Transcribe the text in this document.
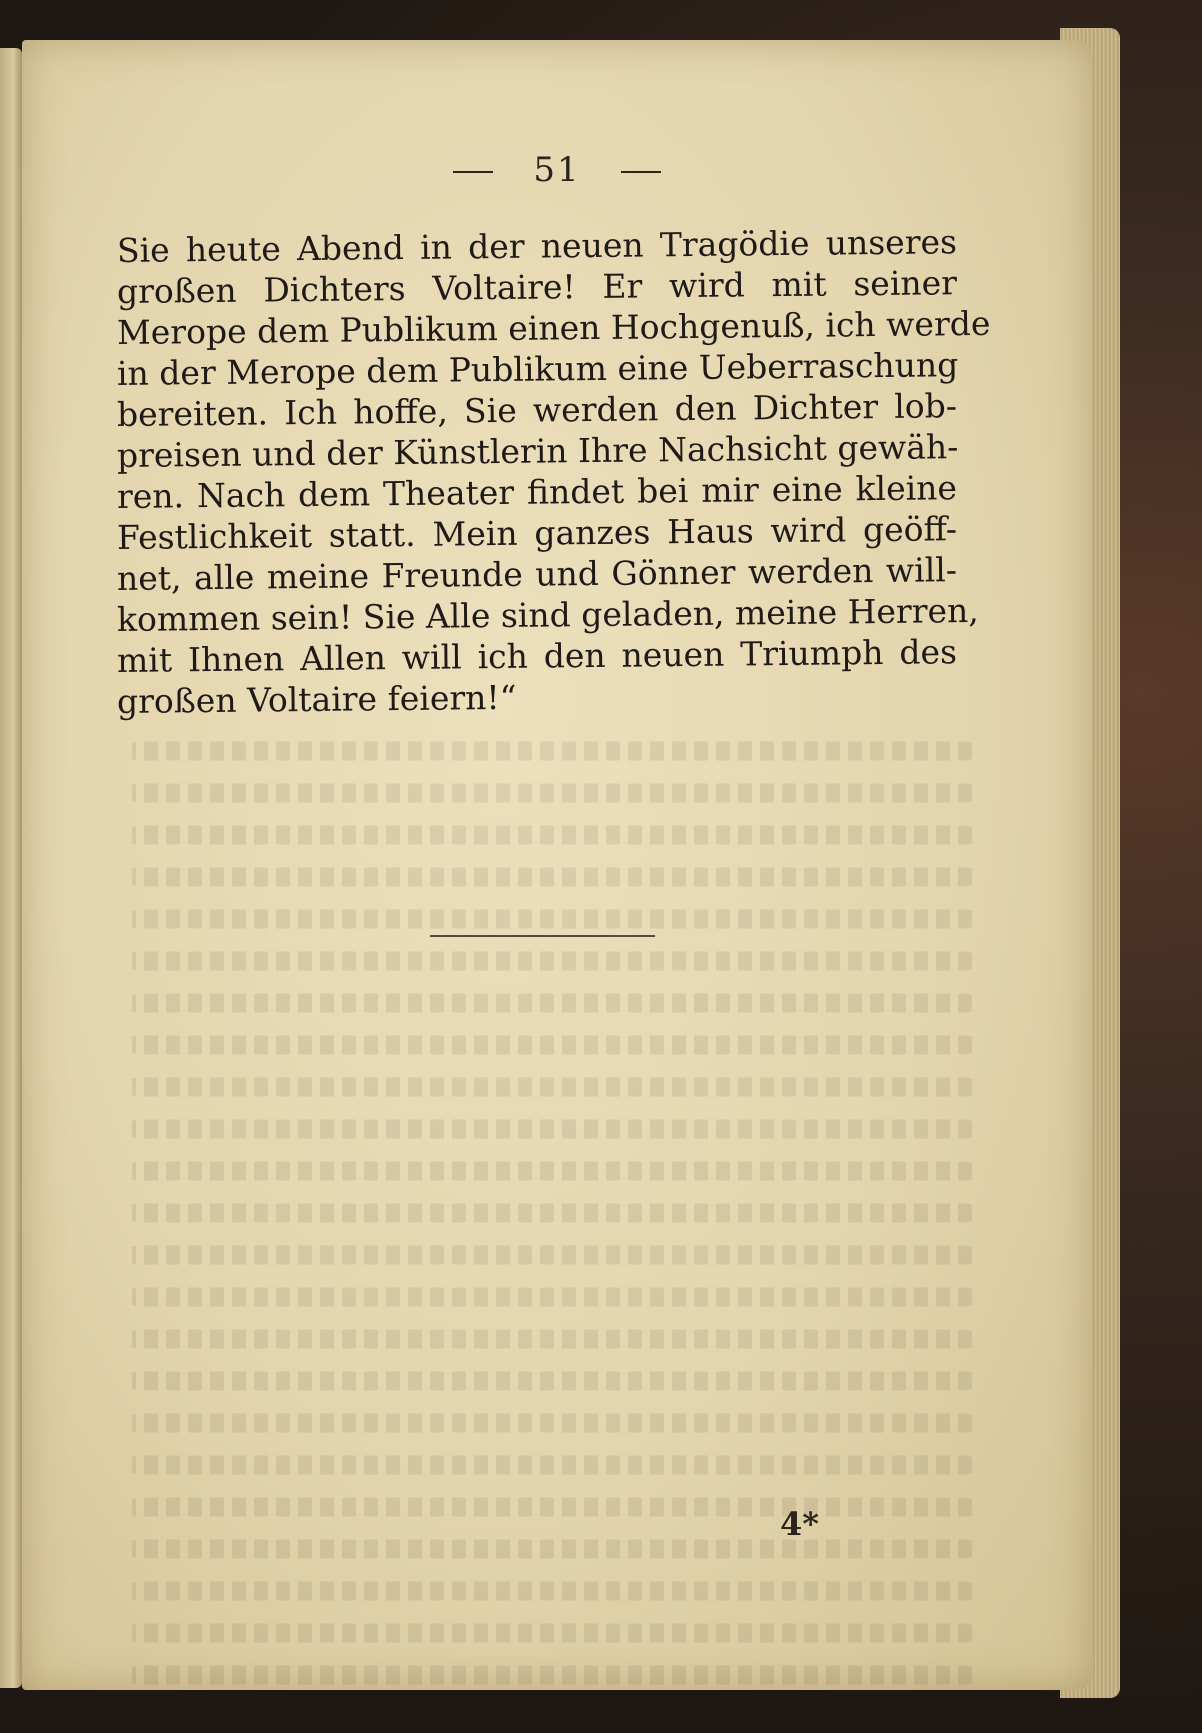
51
Sie heute Abend in der neuen Tragödie unseres
großen Dichters Voltaire! Er wird mit seiner
Merope dem Publikum einen Hochgenuß, ich werde
in der Merope dem Publikum eine Ueberraschung
bereiten. Ich hoffe, Sie werden den Dichter lob-
preisen und der Künstlerin Ihre Nachsicht gewäh-
ren. Nach dem Theater findet bei mir eine kleine
Festlichkeit statt. Mein ganzes Haus wird geöff-
net, alle meine Freunde und Gönner werden will-
kommen sein! Sie Alle sind geladen, meine Herren,
mit Ihnen Allen will ich den neuen Triumph des
großen Voltaire feiern!“
4*
